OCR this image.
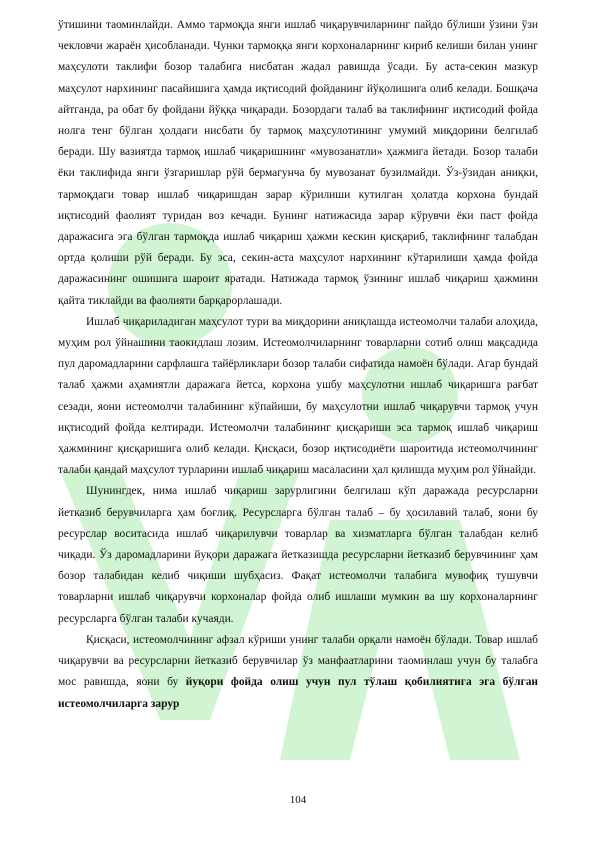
ўтишини таоминлайди. Аммо тармоқда янги ишлаб чиқарувчиларнинг пайдо бўлиши ўзини ўзи чекловчи жараён ҳисобланади. Чунки тармоққа янги корхоналарнинг кириб келиши билан унинг маҳсулоти таклифи бозор талабига нисбатан жадал равишда ўсади. Бу аста-секин мазкур маҳсулот нархининг пасайишига ҳамда иқтисодий фойданинг йўқолишига олиб келади. Бошқача айтганда, ра обат бу фойдани йўққа чиқаради. Бозордаги талаб ва таклифнинг иқтисодий фойда нолга тенг бўлган ҳолдаги нисбати бу тармоқ маҳсулотининг умумий миқдорини белгилаб беради. Шу вазиятда тармоқ ишлаб чиқаришнинг «мувозанатли» ҳажмига йетади. Бозор талаби ёки таклифида янги ўзгаришлар рўй бермагунча бу мувозанат бузилмайди. Ўз-ўзидан аниқки, тармоқдаги товар ишлаб чиқаришдан зарар кўрилиши кутилган ҳолатда корхона бундай иқтисодий фаолият туридан воз кечади. Бунинг натижасида зарар кўрувчи ёки паст фойда даражасига эга бўлган тармоқда ишлаб чиқариш ҳажми кескин қисқариб, таклифнинг талабдан ортда қолиши рўй беради. Бу эса, секин-аста маҳсулот нархининг кўтарилиши ҳамда фойда даражасининг ошишига шароит яратади. Натижада тармоқ ўзининг ишлаб чиқариш ҳажмини қайта тиклайди ва фаолияти барқарорлашади.

Ишлаб чиқариладиган маҳсулот тури ва миқдорини аниқлашда истеомолчи талаби алоҳида, муҳим рол ўйнашини таокидлаш лозим. Истеомолчиларнинг товарларни сотиб олиш мақсадида пул даромадларини сарфлашга тайёрликлари бозор талаби сифатида намоён бўлади. Агар бундай талаб ҳажми аҳамиятли даражага йетса, корхона ушбу маҳсулотни ишлаб чиқаришга рағбат сезади, яони истеомолчи талабининг кўпайиши, бу маҳсулотни ишлаб чиқарувчи тармоқ учун иқтисодий фойда келтиради. Истеомолчи талабининг қисқариши эса тармоқ ишлаб чиқариш ҳажмининг қисқаришига олиб келади. Қисқаси, бозор иқтисодиёти шароитида истеомолчининг талаби қандай маҳсулот турларини ишлаб чиқариш масаласини ҳал қилишда муҳим рол ўйнайди.

Шунингдек, нима ишлаб чиқариш зарурлигини белгилаш кўп даражада ресурсларни йетказиб берувчиларга ҳам боғлиқ. Ресурсларга бўлган талаб – бу ҳосилавий талаб, яони бу ресурслар воситасида ишлаб чиқарилувчи товарлар ва хизматларга бўлган талабдан келиб чиқади. Ўз даромадларини йуқори даражага йетказишда ресурсларни йетказиб берувчининг ҳам бозор талабидан келиб чиқиши шубҳасиз. Фақат истеомолчи талабига мувофиқ тушувчи товарларни ишлаб чиқарувчи корхоналар фойда олиб ишлаши мумкин ва шу корхоналарнинг ресурсларга бўлган талаби кучаяди.

Қисқаси, истеомолчининг афзал кўриши унинг талаби орқали намоён бўлади. Товар ишлаб чиқарувчи ва ресурсларни йетказиб берувчилар ўз манфаатларини таоминлаш учун бу талабга мос равишда, яони бу йуқори фойда олиш учун пул тўлаш қобилиятига эга бўлган истеомолчиларга зарур

104
